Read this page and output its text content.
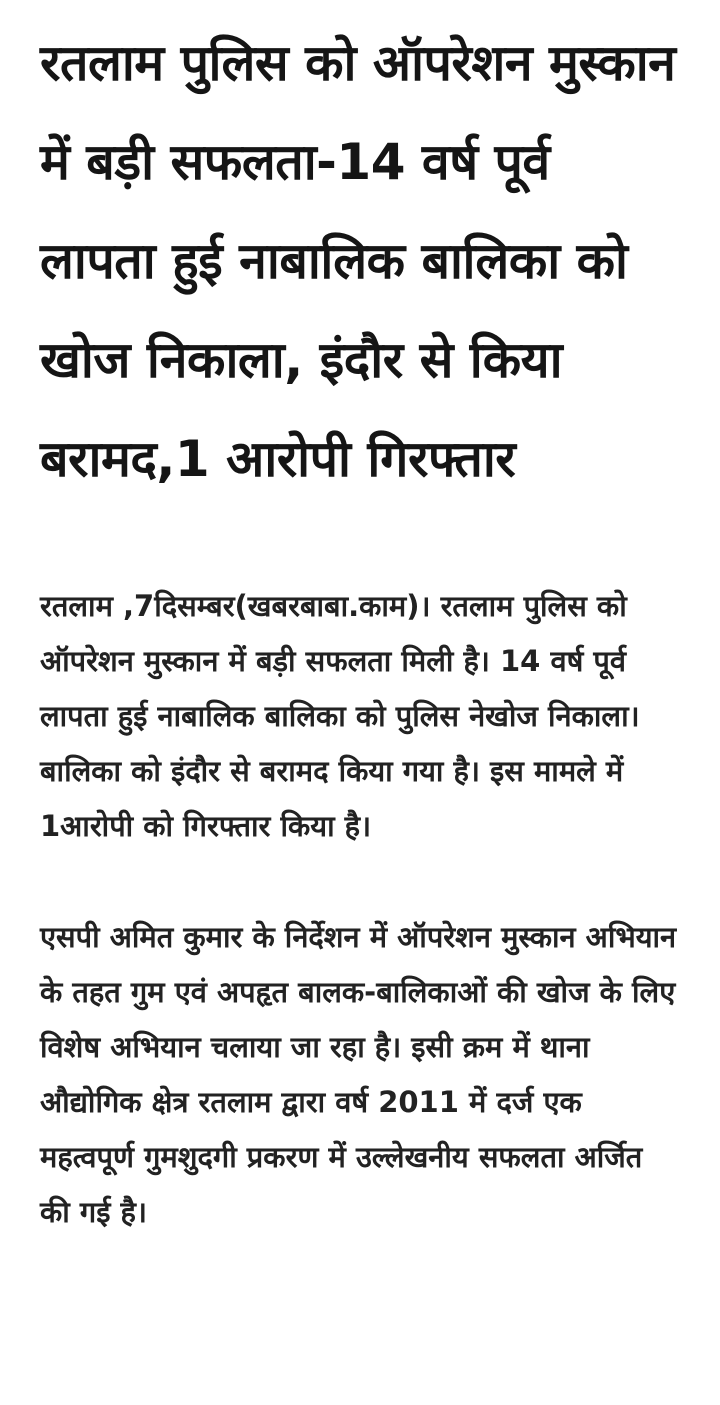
रतलाम पुलिस को ऑपरेशन मुस्कान में बड़ी सफलता-14 वर्ष पूर्व लापता हुई नाबालिक बालिका को खोज निकाला, इंदौर से किया बरामद,1 आरोपी गिरफ्तार

रतलाम ,7दिसम्बर(खबरबाबा.काम)। रतलाम पुलिस को ऑपरेशन मुस्कान में बड़ी सफलता मिली है। 14 वर्ष पूर्व लापता हुई नाबालिक बालिका को पुलिस नेखोज निकाला। बालिका को इंदौर से बरामद किया गया है। इस मामले में 1आरोपी को गिरफ्तार किया है।

एसपी अमित कुमार के निर्देशन में ऑपरेशन मुस्कान अभियान के तहत गुम एवं अपहृत बालक-बालिकाओं की खोज के लिए विशेष अभियान चलाया जा रहा है। इसी क्रम में थाना औद्योगिक क्षेत्र रतलाम द्वारा वर्ष 2011 में दर्ज एक महत्वपूर्ण गुमशुदगी प्रकरण में उल्लेखनीय सफलता अर्जित की गई है।
